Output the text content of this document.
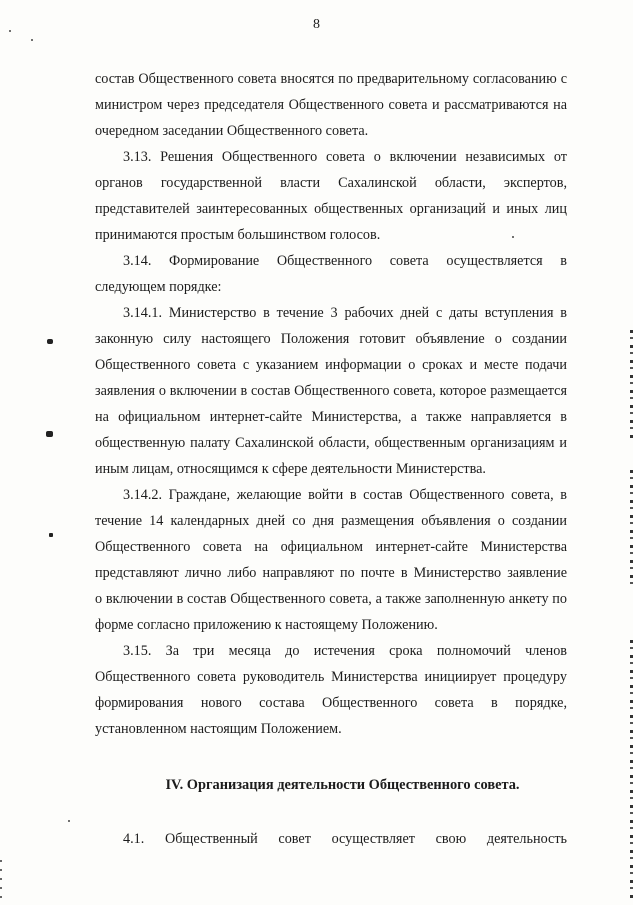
8
состав Общественного совета вносятся по предварительному согласованию с
министром через председателя Общественного совета и рассматриваются на
очередном заседании Общественного совета.
3.13. Решения Общественного совета о включении независимых от
органов государственной власти Сахалинской области, экспертов,
представителей заинтересованных общественных организаций и иных лиц
принимаются простым большинством голосов.
3.14. Формирование Общественного совета осуществляется в
следующем порядке:
3.14.1. Министерство в течение 3 рабочих дней с даты вступления в
законную силу настоящего Положения готовит объявление о создании
Общественного совета с указанием информации о сроках и месте подачи
заявления о включении в состав Общественного совета, которое размещается
на официальном интернет-сайте Министерства, а также направляется в
общественную палату Сахалинской области, общественным организациям и
иным лицам, относящимся к сфере деятельности Министерства.
3.14.2. Граждане, желающие войти в состав Общественного совета, в
течение 14 календарных дней со дня размещения объявления о создании
Общественного совета на официальном интернет-сайте Министерства
представляют лично либо направляют по почте в Министерство заявление
о включении в состав Общественного совета, а также заполненную анкету по
форме согласно приложению к настоящему Положению.
3.15. За три месяца до истечения срока полномочий членов
Общественного совета руководитель Министерства инициирует процедуру
формирования нового состава Общественного совета в порядке,
установленном настоящим Положением.
IV. Организация деятельности Общественного совета.
4.1. Общественный совет осуществляет свою деятельность
